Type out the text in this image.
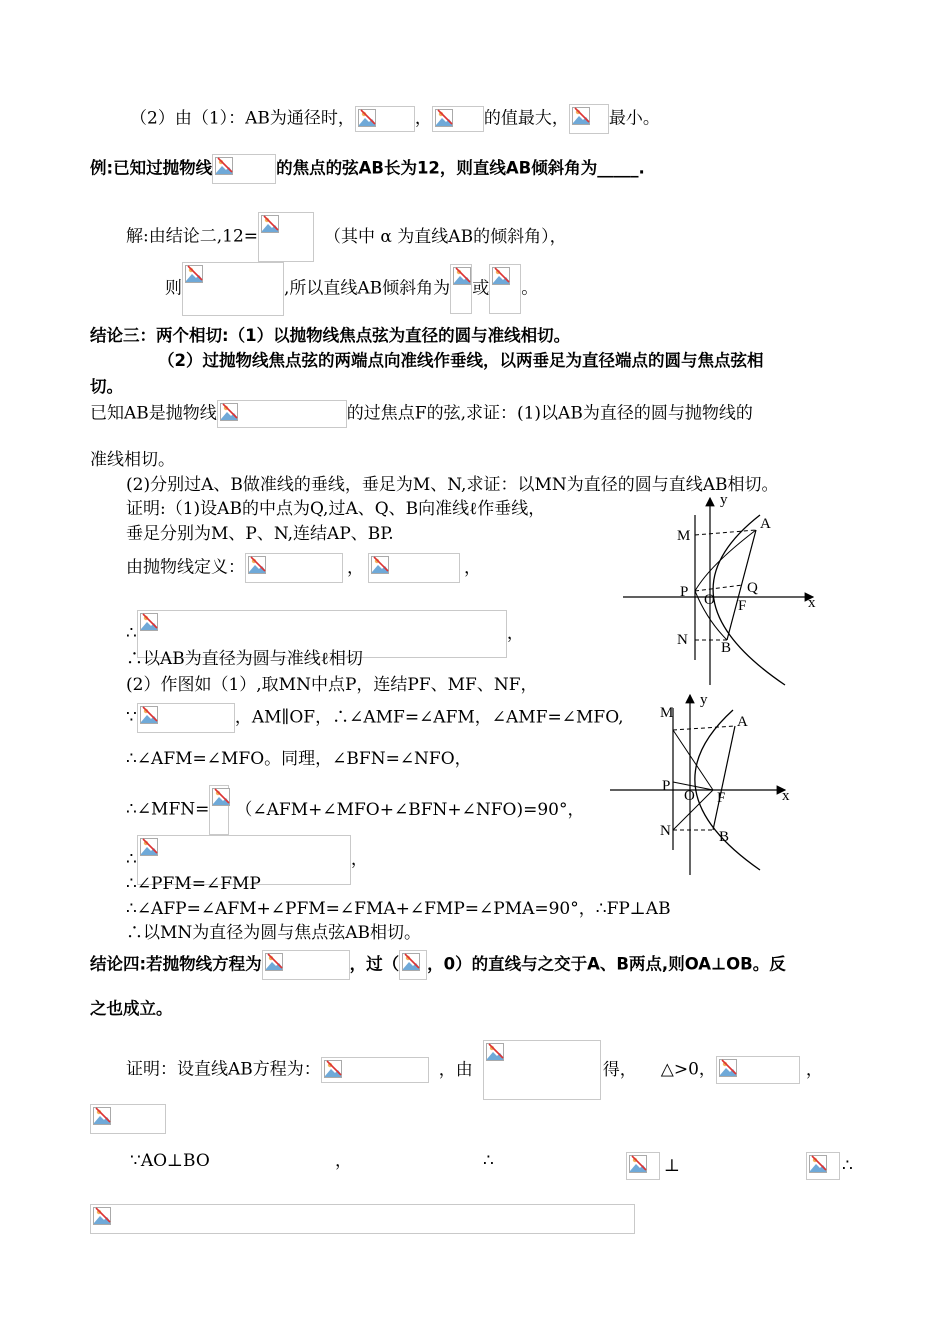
（2）由（1）：AB为通径时，	，	的值最大， 最小。
例:已知过抛物线	的焦点的弦AB长为12，则直线AB倾斜角为_____.
解:由结论二,12=	（其中 α 为直线AB的倾斜角），
则	,所以直线AB倾斜角为 或 。
结论三：两个相切:（1）以抛物线焦点弦为直径的圆与准线相切。
（2）过抛物线焦点弦的两端点向准线作垂线，以两垂足为直径端点的圆与焦点弦相
切。
已知AB是抛物线	的过焦点F的弦,求证：(1)以AB为直径的圆与抛物线的
准线相切。
(2)分别过A、B做准线的垂线，垂足为M、N,求证：以MN为直径的圆与直线AB相切。
证明:（1)设AB的中点为Q,过A、Q、B向准线ℓ作垂线，
垂足分别为M、P、N,连结AP、BP.
由抛物线定义：	，	，
∴	，
∴以AB为直径为圆与准线ℓ相切
(2）作图如（1）,取MN中点P，连结PF、MF、NF，
∵	，AM∥OF，∴∠AMF=∠AFM，∠AMF=∠MFO,
∴∠AFM=∠MFO。同理，∠BFN=∠NFO，
∴∠MFN= （∠AFM+∠MFO+∠BFN+∠NFO)=90°，
∴	，
∴∠PFM=∠FMP
∴∠AFP=∠AFM+∠PFM=∠FMA+∠FMP=∠PMA=90°，∴FP⊥AB
∴以MN为直径为圆与焦点弦AB相切。
结论四:若抛物线方程为	，过（ ，0）的直线与之交于A、B两点,则OA⊥OB。反
之也成立。
证明：设直线AB方程为：	，由	得， △>0，	，
∵AO⊥BO	，	∴	⊥	∴
y
x
M
A
P O
Q
F
N B
y
x
M
A
P
O F
N	B
